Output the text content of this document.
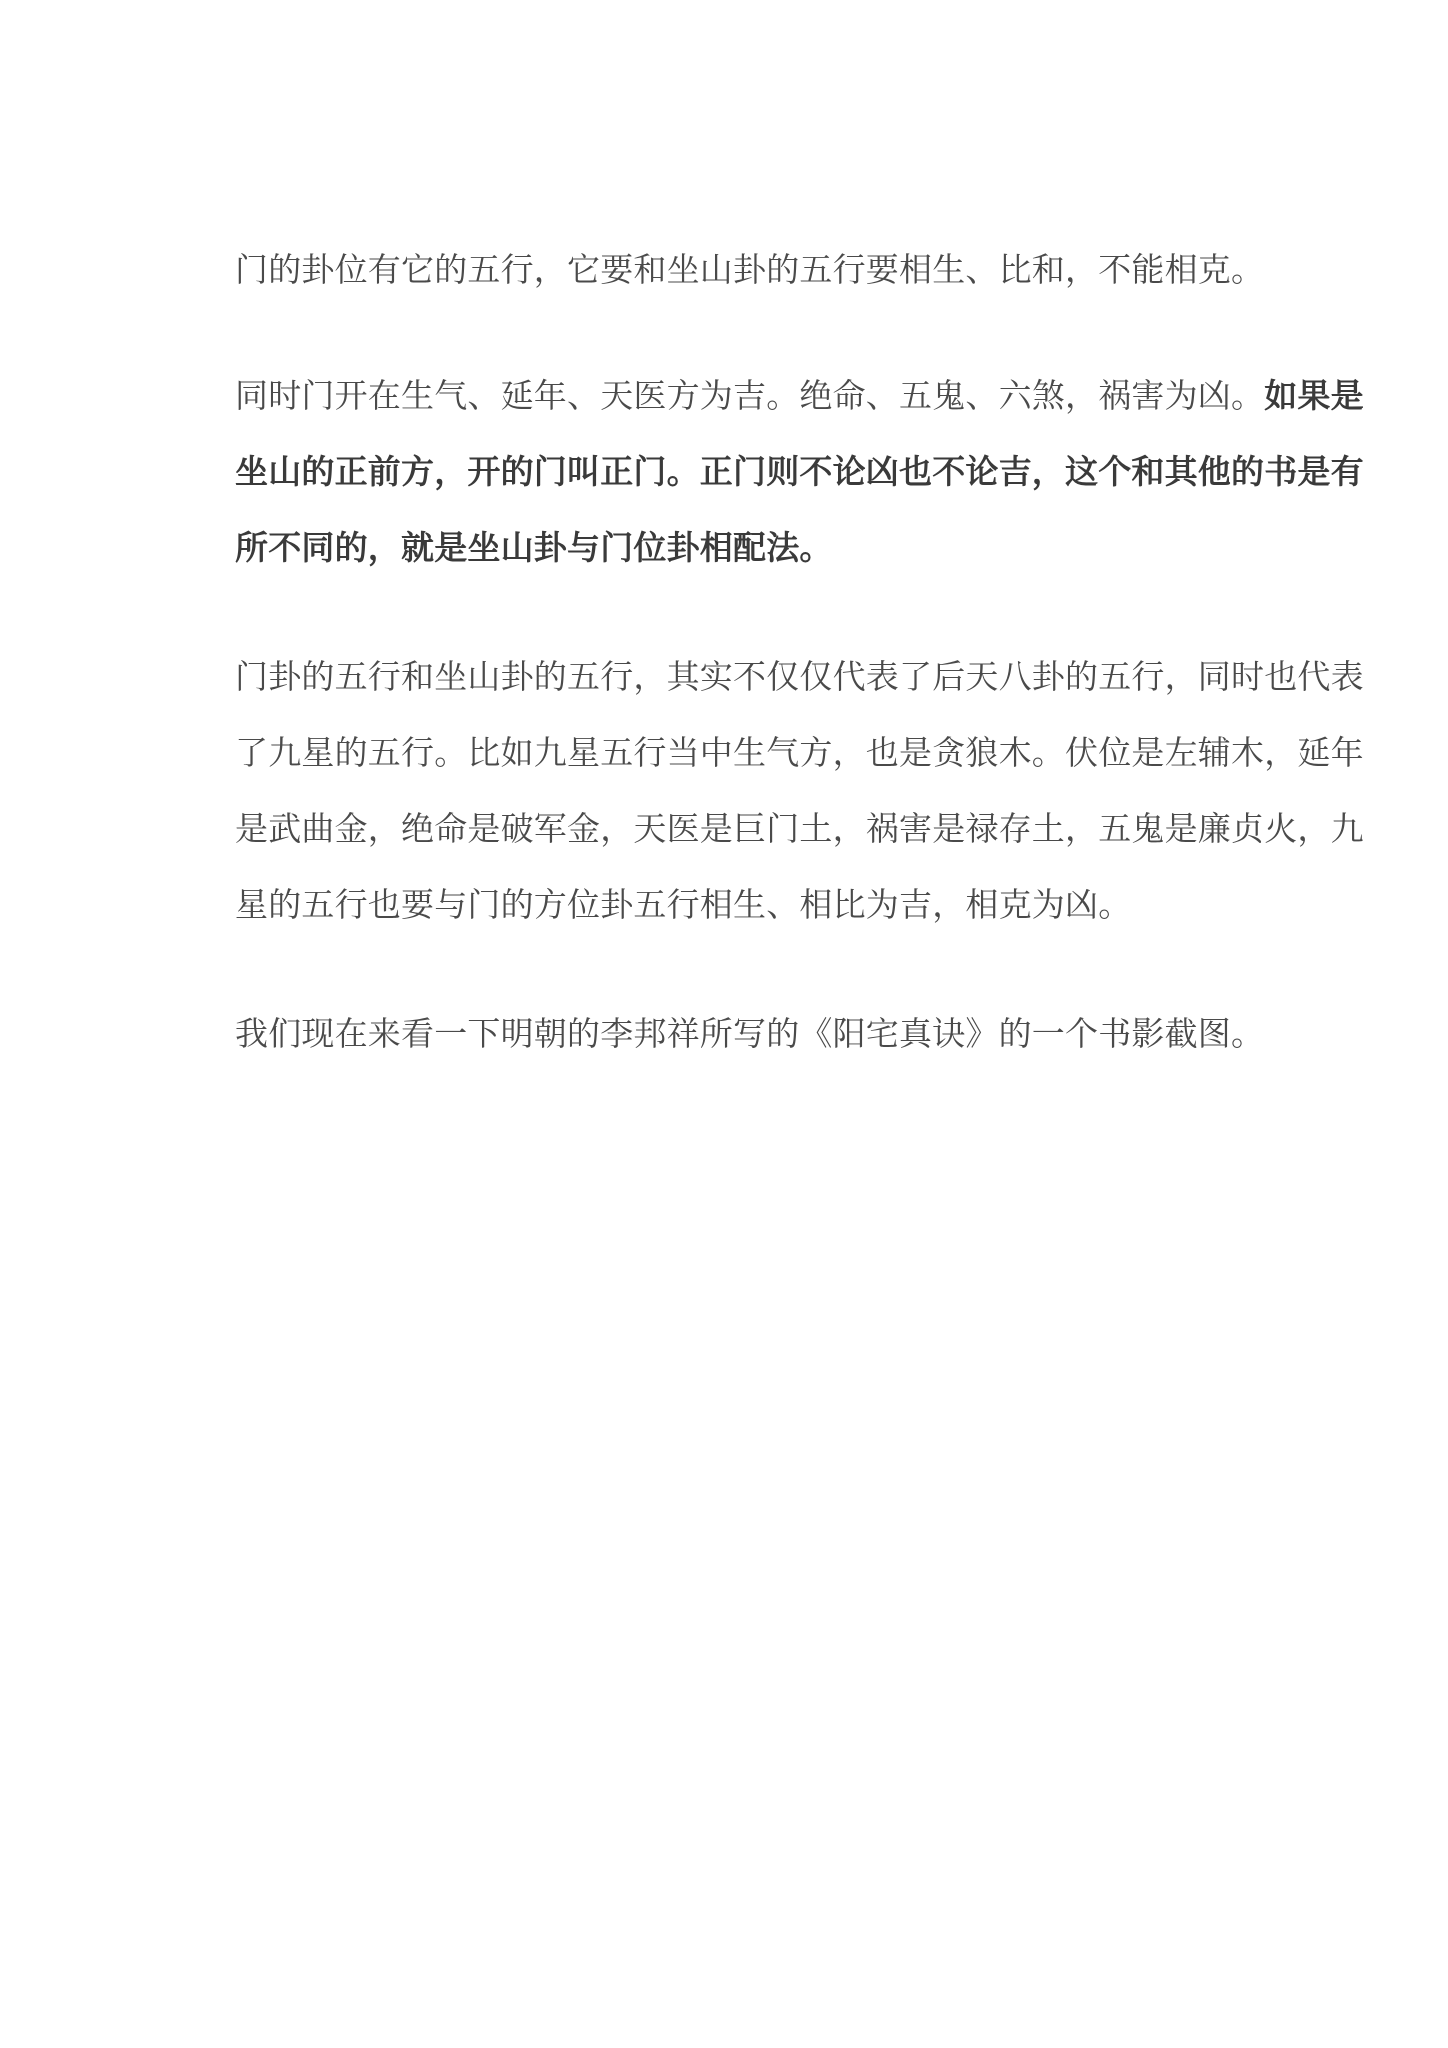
门的卦位有它的五行，它要和坐山卦的五行要相生、比和，不能相克。
同时门开在生气、延年、天医方为吉。绝命、五鬼、六煞，祸害为凶。如果是
坐山的正前方，开的门叫正门。正门则不论凶也不论吉，这个和其他的书是有
所不同的，就是坐山卦与门位卦相配法。
门卦的五行和坐山卦的五行，其实不仅仅代表了后天八卦的五行，同时也代表
了九星的五行。比如九星五行当中生气方，也是贪狼木。伏位是左辅木，延年
是武曲金，绝命是破军金，天医是巨门土，祸害是禄存土，五鬼是廉贞火，九
星的五行也要与门的方位卦五行相生、相比为吉，相克为凶。
我们现在来看一下明朝的李邦祥所写的《阳宅真诀》的一个书影截图。
